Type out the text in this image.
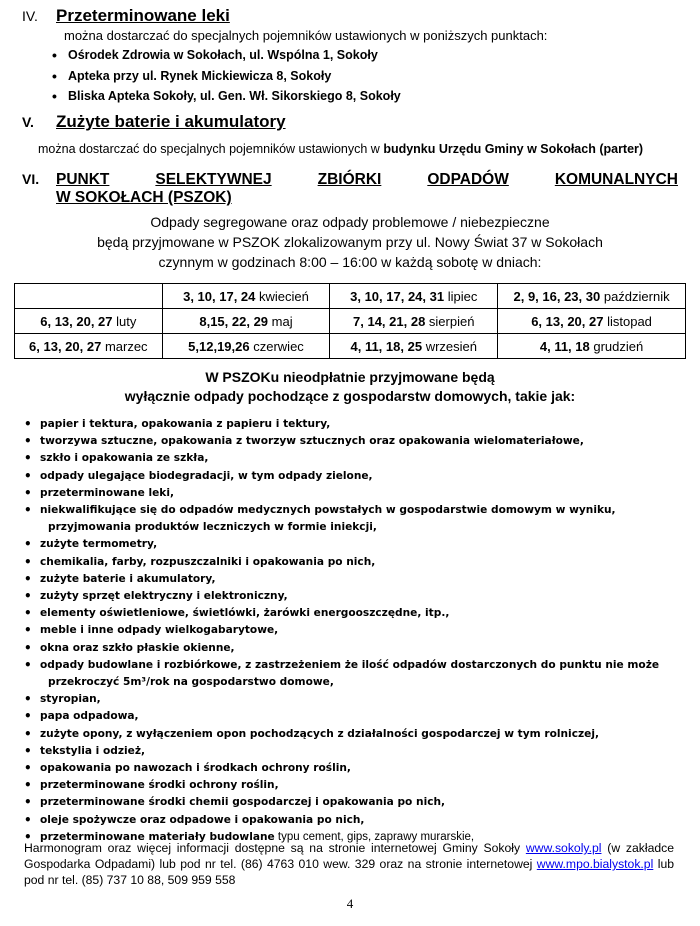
IV.	Przeterminowane leki
można dostarczać do specjalnych pojemników ustawionych w poniższych punktach:
• Ośrodek Zdrowia w Sokołach, ul. Wspólna 1, Sokoły
• Apteka przy ul. Rynek Mickiewicza 8, Sokoły
• Bliska Apteka Sokoły, ul. Gen. Wł. Sikorskiego 8, Sokoły
V.	Zużyte baterie i akumulatory
można dostarczać do specjalnych pojemników ustawionych w budynku Urzędu Gminy w Sokołach (parter)
VI.	PUNKT	SELEKTYWNEJ	ZBIÓRKI	ODPADÓW	KOMUNALNYCH
W SOKOŁACH (PSZOK)
Odpady segregowane oraz odpady problemowe / niebezpieczne
będą przyjmowane w PSZOK zlokalizowanym przy ul. Nowy Świat 37 w Sokołach
czynnym w godzinach 8:00 – 16:00 w każdą sobotę w dniach:
	3, 10, 17, 24 kwiecień	3, 10, 17, 24, 31 lipiec	2, 9, 16, 23, 30 październik
6, 13, 20, 27 luty	8,15, 22, 29 maj	7, 14, 21, 28 sierpień	6, 13, 20, 27 listopad
6, 13, 20, 27 marzec	5,12,19,26 czerwiec	4, 11, 18, 25 wrzesień	4, 11, 18 grudzień
W PSZOKu nieodpłatnie przyjmowane będą
wyłącznie odpady pochodzące z gospodarstw domowych, takie jak:
• papier i tektura, opakowania z papieru i tektury,
• tworzywa sztuczne, opakowania z tworzyw sztucznych oraz opakowania wielomateriałowe,
• szkło i opakowania ze szkła,
• odpady ulegające biodegradacji, w tym odpady zielone,
• przeterminowane leki,
• niekwalifikujące się do odpadów medycznych powstałych w gospodarstwie domowym w wyniku,
przyjmowania produktów leczniczych w formie iniekcji,
• zużyte termometry,
• chemikalia, farby, rozpuszczalniki i opakowania po nich,
• zużyte baterie i akumulatory,
• zużyty sprzęt elektryczny i elektroniczny,
• elementy oświetleniowe, świetlówki, żarówki energooszczędne, itp.,
• meble i inne odpady wielkogabarytowe,
• okna oraz szkło płaskie okienne,
• odpady budowlane i rozbiórkowe, z zastrzeżeniem że ilość odpadów dostarczonych do punktu nie może
przekroczyć 5m³/rok na gospodarstwo domowe,
• styropian,
• papa odpadowa,
• zużyte opony, z wyłączeniem opon pochodzących z działalności gospodarczej w tym rolniczej,
• tekstylia i odzież,
• opakowania po nawozach i środkach ochrony roślin,
• przeterminowane środki ochrony roślin,
• przeterminowane środki chemii gospodarczej i opakowania po nich,
• oleje spożywcze oraz odpadowe i opakowania po nich,
• przeterminowane materiały budowlane typu cement, gips, zaprawy murarskie,
Harmonogram oraz więcej informacji dostępne są na stronie internetowej Gminy Sokoły www.sokoly.pl (w zakładce Gospodarka Odpadami) lub pod nr tel. (86) 4763 010 wew. 329 oraz na stronie internetowej www.mpo.bialystok.pl lub pod nr tel. (85) 737 10 88, 509 959 558
4
